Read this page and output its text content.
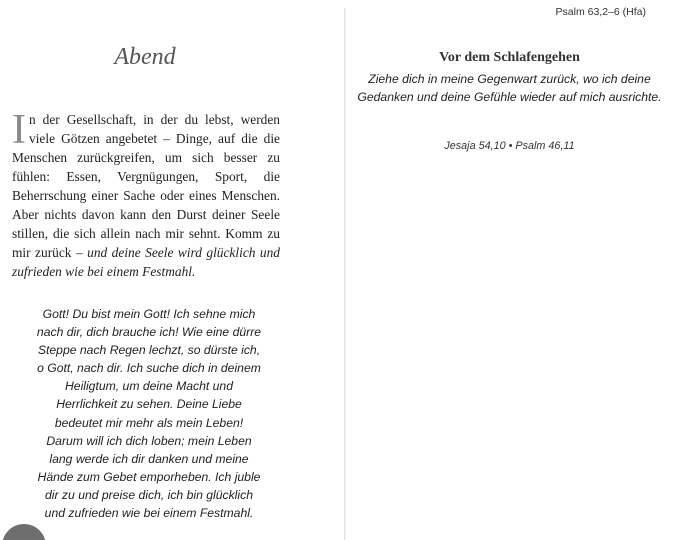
Abend
In der Gesellschaft, in der du lebst, werden viele Götzen angebetet – Dinge, auf die die Menschen zurückgreifen, um sich besser zu fühlen: Essen, Vergnügungen, Sport, die Beherrschung einer Sache oder eines Menschen. Aber nichts davon kann den Durst deiner Seele stillen, die sich allein nach mir sehnt. Komm zu mir zurück – und deine Seele wird glücklich und zufrieden wie bei einem Festmahl.
Gott! Du bist mein Gott! Ich sehne mich nach dir, dich brauche ich! Wie eine dürre Steppe nach Regen lechzt, so dürste ich, o Gott, nach dir. Ich suche dich in deinem Heiligtum, um deine Macht und Herrlichkeit zu sehen. Deine Liebe bedeutet mir mehr als mein Leben! Darum will ich dich loben; mein Leben lang werde ich dir danken und meine Hände zum Gebet emporheben. Ich juble dir zu und preise dich, ich bin glücklich und zufrieden wie bei einem Festmahl.
Psalm 63,2–6 (Hfa)
Vor dem Schlafengehen
Ziehe dich in meine Gegenwart zurück, wo ich deine Gedanken und deine Gefühle wieder auf mich ausrichte.
Jesaja 54,10 • Psalm 46,11
